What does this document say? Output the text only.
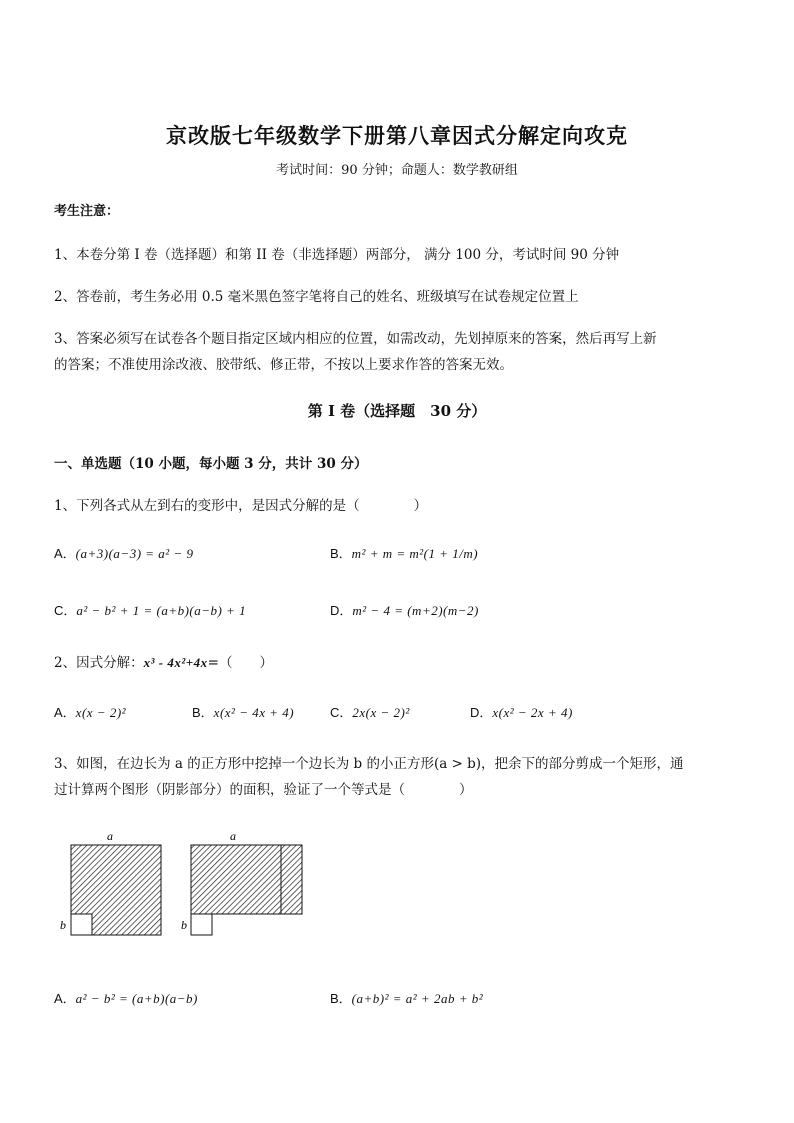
京改版七年级数学下册第八章因式分解定向攻克
考试时间：90 分钟；命题人：数学教研组
考生注意：
1、本卷分第 I 卷（选择题）和第 II 卷（非选择题）两部分， 满分 100 分，考试时间 90 分钟
2、答卷前，考生务必用 0.5 毫米黑色签字笔将自己的姓名、班级填写在试卷规定位置上
3、答案必须写在试卷各个题目指定区域内相应的位置，如需改动，先划掉原来的答案，然后再写上新
的答案；不准使用涂改液、胶带纸、修正带，不按以上要求作答的答案无效。
第 I 卷（选择题　30 分）
一、单选题（10 小题，每小题 3 分，共计 30 分）
1、下列各式从左到右的变形中，是因式分解的是（　　　　）
A．(a+3)(a−3) = a² − 9	B．m² + m = m²(1 + 1/m)
C．a² − b² + 1 = (a+b)(a−b) + 1	D．m² − 4 = (m+2)(m−2)
2、因式分解：x³ - 4x²+4x=（　　）
A．x(x − 2)²	B．x(x² − 4x + 4)	C．2x(x − 2)²	D．x(x² − 2x + 4)
3、如图，在边长为 a 的正方形中挖掉一个边长为 b 的小正方形(a > b)，把余下的部分剪成一个矩形，通
过计算两个图形（阴影部分）的面积，验证了一个等式是（　　　　）
a
b
a
b
A．a² − b² = (a+b)(a−b)	B．(a+b)² = a² + 2ab + b²
